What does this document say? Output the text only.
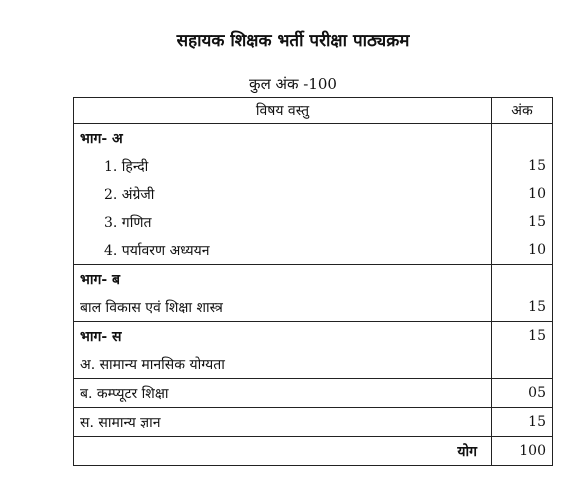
सहायक शिक्षक भर्ती परीक्षा पाठ्यक्रम
कुल अंक -100
विषय वस्तु	अंक
भाग- अ	
1. हिन्दी	15
2. अंग्रेजी	10
3. गणित	15
4. पर्यावरण अध्ययन	10
भाग- ब	
बाल विकास एवं शिक्षा शास्त्र	15
भाग- स	15
अ. सामान्य मानसिक योग्यता	
ब. कम्प्यूटर शिक्षा	05
स. सामान्य ज्ञान	15
योग	100
